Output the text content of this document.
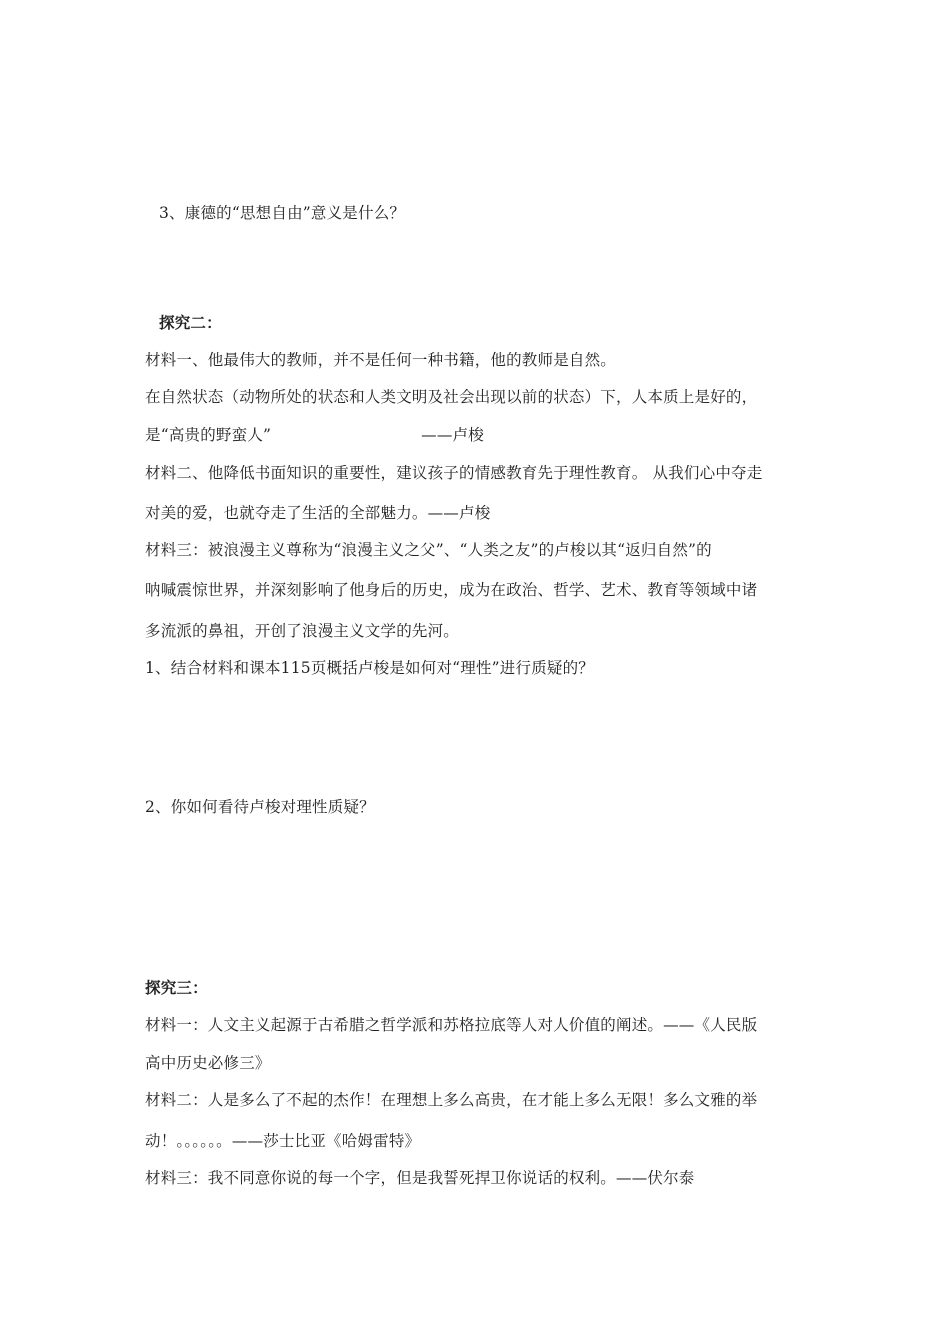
3、康德的“思想自由”意义是什么？
探究二：
材料一、他最伟大的教师，并不是任何一种书籍，他的教师是自然。
在自然状态（动物所处的状态和人类文明及社会出现以前的状态）下，人本质上是好的，
是“高贵的野蛮人”	——卢梭
材料二、他降低书面知识的重要性，建议孩子的情感教育先于理性教育。 从我们心中夺走
对美的爱，也就夺走了生活的全部魅力。——卢梭
材料三：被浪漫主义尊称为“浪漫主义之父”、“人类之友”的卢梭以其“返归自然”的
呐喊震惊世界，并深刻影响了他身后的历史，成为在政治、哲学、艺术、教育等领域中诸
多流派的鼻祖，开创了浪漫主义文学的先河。
1、结合材料和课本115页概括卢梭是如何对“理性”进行质疑的？
2、你如何看待卢梭对理性质疑？
探究三：
材料一：人文主义起源于古希腊之哲学派和苏格拉底等人对人价值的阐述。——《人民版
高中历史必修三》
材料二：人是多么了不起的杰作！在理想上多么高贵，在才能上多么无限！多么文雅的举
动！。。。。。。——莎士比亚《哈姆雷特》
材料三：我不同意你说的每一个字，但是我誓死捍卫你说话的权利。——伏尔泰
